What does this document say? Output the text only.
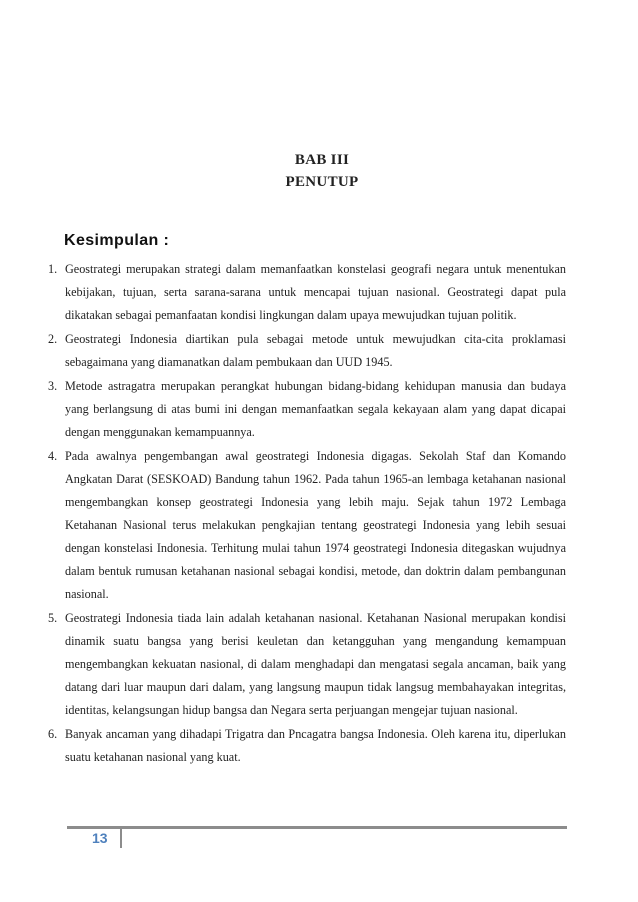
BAB III
PENUTUP
Kesimpulan :
1. Geostrategi merupakan strategi dalam memanfaatkan konstelasi geografi negara untuk menentukan kebijakan, tujuan, serta sarana-sarana untuk mencapai tujuan nasional. Geostrategi dapat pula dikatakan sebagai pemanfaatan kondisi lingkungan dalam upaya mewujudkan tujuan politik.
2. Geostrategi Indonesia diartikan pula sebagai metode untuk mewujudkan cita-cita proklamasi sebagaimana yang diamanatkan dalam pembukaan dan UUD 1945.
3. Metode astragatra merupakan perangkat hubungan bidang-bidang kehidupan manusia dan budaya yang berlangsung di atas bumi ini dengan memanfaatkan segala kekayaan alam yang dapat dicapai dengan menggunakan kemampuannya.
4. Pada awalnya pengembangan awal geostrategi Indonesia digagas. Sekolah Staf dan Komando Angkatan Darat (SESKOAD) Bandung tahun 1962. Pada tahun 1965-an lembaga ketahanan nasional mengembangkan konsep geostrategi Indonesia yang lebih maju. Sejak tahun 1972 Lembaga Ketahanan Nasional terus melakukan pengkajian tentang geostrategi Indonesia yang lebih sesuai dengan konstelasi Indonesia. Terhitung mulai tahun 1974 geostrategi Indonesia ditegaskan wujudnya dalam bentuk rumusan ketahanan nasional sebagai kondisi, metode, dan doktrin dalam pembangunan nasional.
5. Geostrategi Indonesia tiada lain adalah ketahanan nasional. Ketahanan Nasional merupakan kondisi dinamik suatu bangsa yang berisi keuletan dan ketangguhan yang mengandung kemampuan mengembangkan kekuatan nasional, di dalam menghadapi dan mengatasi segala ancaman, baik yang datang dari luar maupun dari dalam, yang langsung maupun tidak langsug membahayakan integritas, identitas, kelangsungan hidup bangsa dan Negara serta perjuangan mengejar tujuan nasional.
6. Banyak ancaman yang dihadapi Trigatra dan Pncagatra bangsa Indonesia. Oleh karena itu, diperlukan suatu ketahanan nasional yang kuat.
13
